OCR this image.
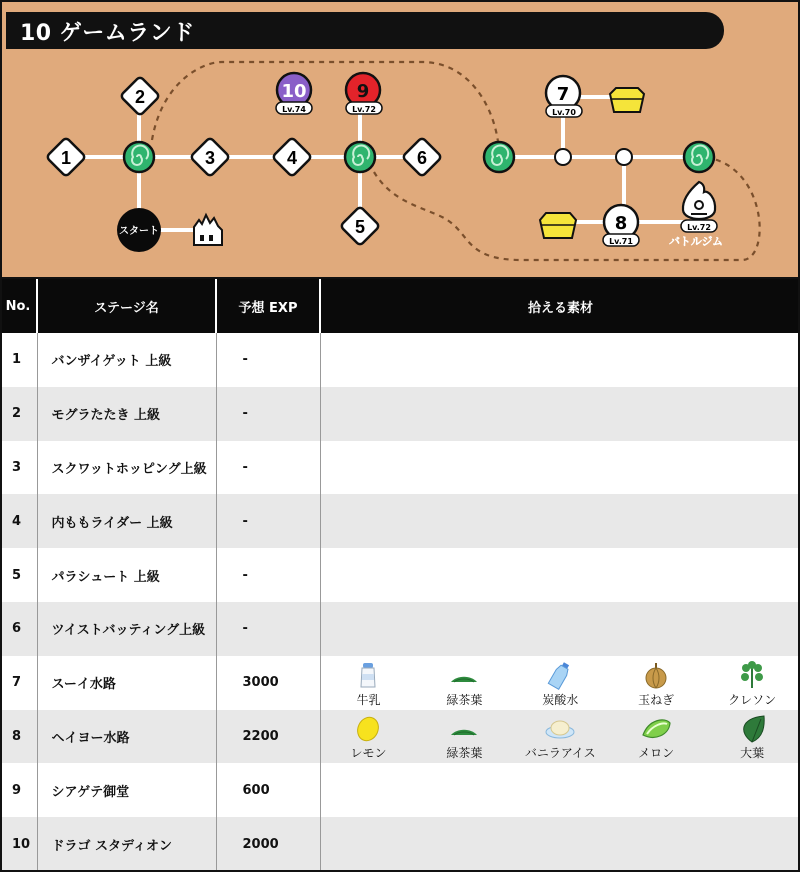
1
2
3	4
5
6
スタート
10
Lv.74
9
Lv.72
7
Lv.70
8
Lv.71
Lv.72
バトルジム
10 ゲームランド
No.	ステージ名	予想 EXP	拾える素材
1	バンザイゲット 上級	-	
2	モグラたたき 上級	-	
3	スクワットホッピング上級	-	
4	内ももライダー 上級	-	
5	パラシュート 上級	-	
6	ツイストバッティング上級	-	
7	スーイ水路	3000	牛乳 緑茶葉 炭酸水 玉ねぎ クレソン

8	ヘイヨー水路	2200	レモン 緑茶葉 バニラアイス メロン 大葉

9	シアゲテ御堂	600	
10	ドラゴ スタディオン	2000	
